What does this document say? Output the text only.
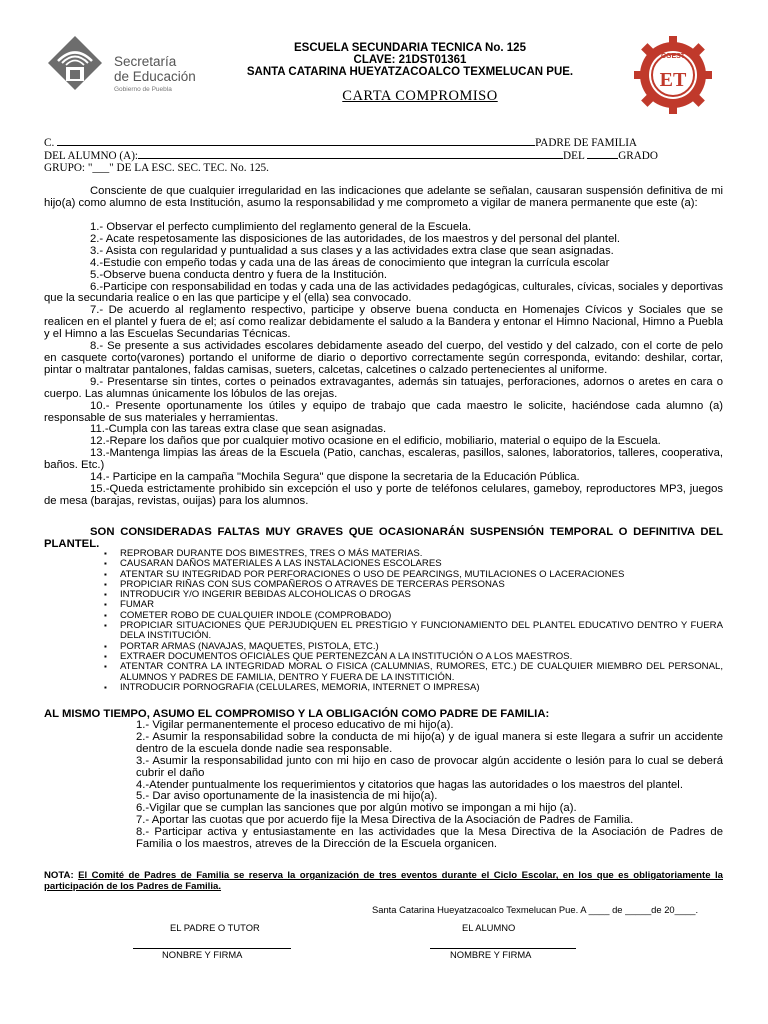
Secretaría
de Educación
Gobierno de Puebla
CGEST
ET
ESCUELA SECUNDARIA TECNICA No. 125
CLAVE: 21DST01361
SANTA CATARINA HUEYATZACOALCO TEXMELUCAN PUE.
CARTA COMPROMISO
C.	PADRE DE FAMILIA
DEL ALUMNO (A):	DEL	GRADO
GRUPO: "___" DE LA ESC. SEC. TEC. No. 125.
Consciente de que cualquier irregularidad en las indicaciones que adelante se señalan, causaran suspensión definitiva de mi hijo(a) como alumno de esta Institución, asumo la responsabilidad y me comprometo a vigilar de manera permanente que este (a):
1.- Observar el perfecto cumplimiento del reglamento general de la Escuela.
2.- Acate respetosamente las disposiciones de las autoridades, de los maestros y del personal del plantel.
3.- Asista con regularidad y puntualidad a sus clases y a las actividades extra clase que sean asignadas.
4.-Estudie con empeño todas y cada una de las áreas de conocimiento que integran la currícula escolar
5.-Observe buena conducta dentro y fuera de la Institución.
6.-Participe con responsabilidad en todas y cada una de las actividades pedagógicas, culturales, cívicas, sociales y deportivas que la secundaria realice o en las que participe y el (ella) sea convocado.
7.- De acuerdo al reglamento respectivo, participe y observe buena conducta en Homenajes Cívicos y Sociales que se realicen en el plantel y fuera de el; así como realizar debidamente el saludo a la Bandera y entonar el Himno Nacional, Himno a Puebla y el Himno a las Escuelas Secundarias Técnicas.
8.- Se presente a sus actividades escolares debidamente aseado del cuerpo, del vestido y del calzado, con el corte de pelo en casquete corto(varones) portando el uniforme de diario o deportivo correctamente según corresponda, evitando: deshilar, cortar, pintar o maltratar pantalones, faldas camisas, sueters, calcetas, calcetines o calzado pertenecientes al uniforme.
9.- Presentarse sin tintes, cortes o peinados extravagantes, además sin tatuajes, perforaciones, adornos o aretes en cara o cuerpo. Las alumnas únicamente los lóbulos de las orejas.
10.- Presente oportunamente los útiles y equipo de trabajo que cada maestro le solicite, haciéndose cada alumno (a) responsable de sus materiales y herramientas.
11.-Cumpla con las tareas extra clase que sean asignadas.
12.-Repare los daños que por cualquier motivo ocasione en el edificio, mobiliario, material o equipo de la Escuela.
13.-Mantenga limpias las áreas de la Escuela (Patio, canchas, escaleras, pasillos, salones, laboratorios, talleres, cooperativa, baños. Etc.)
14.- Participe en la campaña "Mochila Segura" que dispone la secretaria de la Educación Pública.
15.-Queda estrictamente prohibido sin excepción el uso y porte de teléfonos celulares, gameboy, reproductores MP3, juegos de mesa (barajas, revistas, ouijas) para los alumnos.
SON CONSIDERADAS FALTAS MUY GRAVES QUE OCASIONARÁN SUSPENSIÓN TEMPORAL O DEFINITIVA DEL PLANTEL.
▪ REPROBAR DURANTE DOS BIMESTRES, TRES O MÁS MATERIAS.
▪ CAUSARAN DAÑOS MATERIALES A LAS INSTALACIONES ESCOLARES
▪ ATENTAR SU INTEGRIDAD POR PERFORACIONES O USO DE PEARCINGS, MUTILACIONES O LACERACIONES
▪ PROPICIAR RIÑAS CON SUS COMPAÑEROS O ATRAVES DE TERCERAS PERSONAS
▪ INTRODUCIR Y/O INGERIR BEBIDAS ALCOHOLICAS O DROGAS
▪ FUMAR
▪ COMETER ROBO DE CUALQUIER INDOLE (COMPROBADO)
▪ PROPICIAR SITUACIONES QUE PERJUDIQUEN EL PRESTIGIO Y FUNCIONAMIENTO DEL PLANTEL EDUCATIVO DENTRO Y FUERA DELA INSTITUCIÓN.
▪ PORTAR ARMAS (NAVAJAS, MAQUETES, PISTOLA, ETC.)
▪ EXTRAER DOCUMENTOS OFICIALES QUE PERTENEZCAN A LA INSTITUCIÓN O A LOS MAESTROS.
▪ ATENTAR CONTRA LA INTEGRIDAD MORAL O FISICA (CALUMNIAS, RUMORES, ETC.) DE CUALQUIER MIEMBRO DEL PERSONAL, ALUMNOS Y PADRES DE FAMILIA, DENTRO Y FUERA DE LA INSTITICIÓN.
▪ INTRODUCIR PORNOGRAFIA (CELULARES, MEMORIA, INTERNET O IMPRESA)
AL MISMO TIEMPO, ASUMO EL COMPROMISO Y LA OBLIGACIÓN COMO PADRE DE FAMILIA:
1.- Vigilar permanentemente el proceso educativo de mi hijo(a).
2.- Asumir la responsabilidad sobre la conducta de mi hijo(a) y de igual manera si este llegara a sufrir un accidente dentro de la escuela donde nadie sea responsable.
3.- Asumir la responsabilidad junto con mi hijo en caso de provocar algún accidente o lesión para lo cual se deberá cubrir el daño
4.-Atender puntualmente los requerimientos y citatorios que hagas las autoridades o los maestros del plantel.
5.- Dar aviso oportunamente de la inasistencia de mi hijo(a).
6.-Vigilar que se cumplan las sanciones que por algún motivo se impongan a mi hijo (a).
7.- Aportar las cuotas que por acuerdo fije la Mesa Directiva de la Asociación de Padres de Familia.
8.- Participar activa y entusiastamente en las actividades que la Mesa Directiva de la Asociación de Padres de Familia o los maestros, atreves de la Dirección de la Escuela organicen.
NOTA: El Comité de Padres de Familia se reserva la organización de tres eventos durante el Ciclo Escolar, en los que es obligatoriamente la participación de los Padres de Familia.
Santa Catarina Hueyatzacoalco Texmelucan Pue. A ____ de _____de 20____.
EL PADRE O TUTOR	EL ALUMNO
NONBRE Y FIRMA	NOMBRE Y FIRMA
